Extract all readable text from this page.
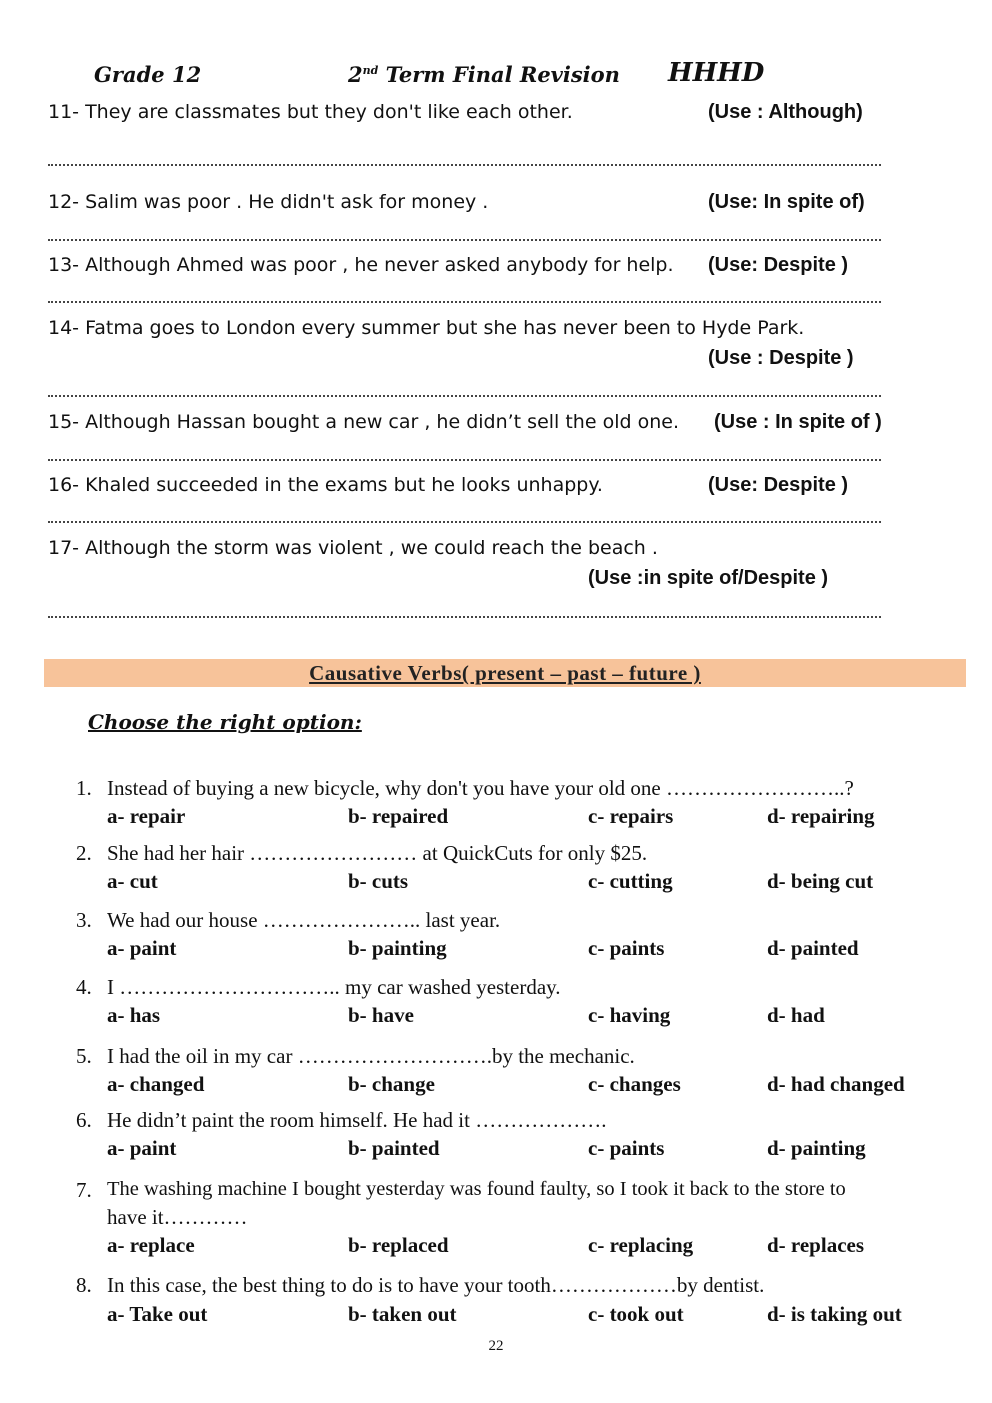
Grade 12	2nd Term Final Revision HHHD
11- They are classmates but they don't like each other.	(Use : Although)
12- Salim was poor . He didn't ask for money .	(Use: In spite of)
13- Although Ahmed was poor , he never asked anybody for help. (Use: Despite )
14- Fatma goes to London every summer but she has never been to Hyde Park.
(Use : Despite )
15- Although Hassan bought a new car , he didn’t sell the old one. (Use : In spite of )
16- Khaled succeeded in the exams but he looks unhappy.	(Use: Despite )
17- Although the storm was violent , we could reach the beach .
(Use :in spite of/Despite )
Causative Verbs( present – past – future )
Choose the right option:
1. Instead of buying a new bicycle, why don't you have your old one ……………………..?
a- repair	b- repaired	c- repairs	d- repairing
2. She had her hair …………………… at QuickCuts for only $25.
a- cut	b- cuts	c- cutting	d- being cut
3. We had our house ………………….. last year.
a- paint	b- painting	c- paints	d- painted
4. I ………………………….. my car washed yesterday.
a- has	b- have	c- having	d- had
5. I had the oil in my car ……………………….by the mechanic.
a- changed	b- change	c- changes	d- had changed
6. He didn’t paint the room himself. He had it ……………….
a- paint	b- painted	c- paints	d- painting
7. The washing machine I bought yesterday was found faulty, so I took it back to the store to
have it…………
a- replace	b- replaced	c- replacing	d- replaces
8. In this case, the best thing to do is to have your tooth………………by dentist.
a- Take out	b- taken out	c- took out	d- is taking out
22
